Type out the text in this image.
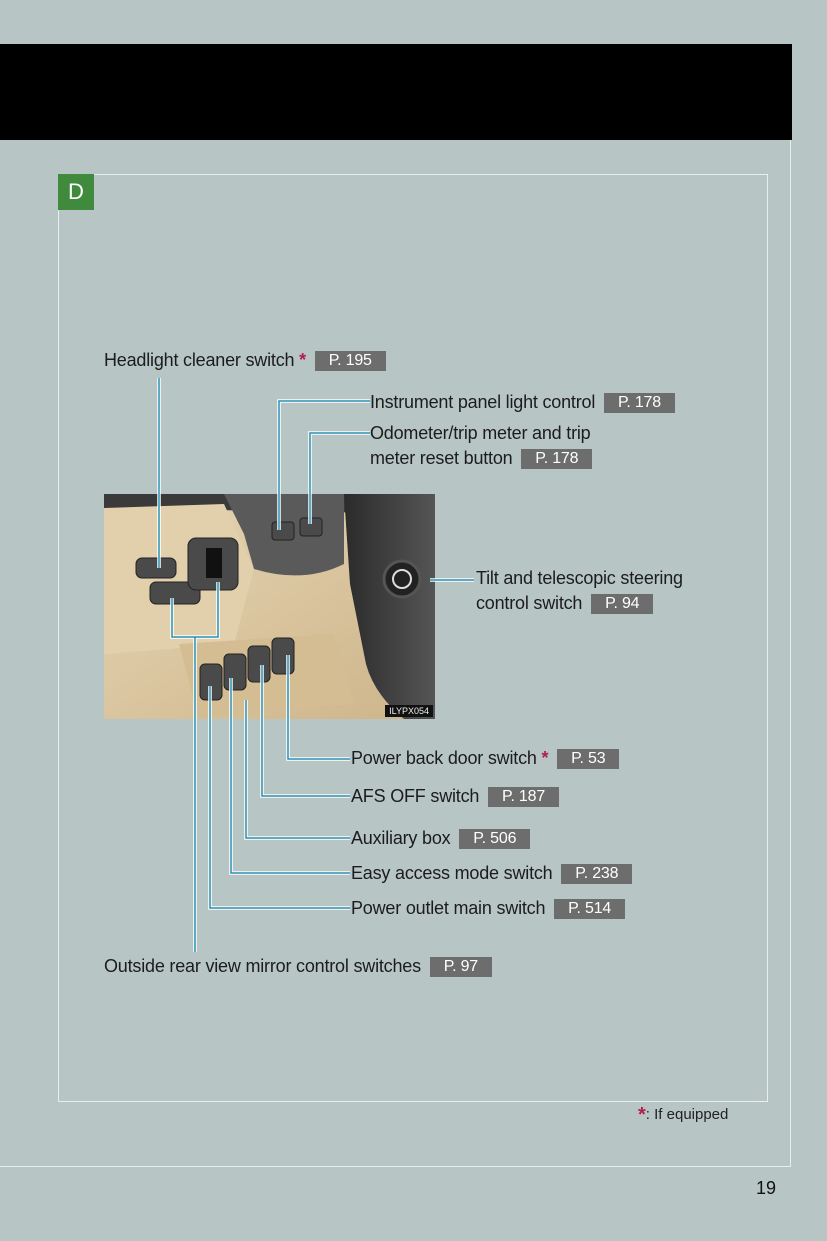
D
ILYPX054
Headlight cleaner switch * P. 195
Instrument panel light control P. 178
Odometer/trip meter and trip
meter reset button P. 178
Tilt and telescopic steering
control switch P. 94
Power back door switch * P. 53
AFS OFF switch P. 187
Auxiliary box P. 506
Easy access mode switch P. 238
Power outlet main switch P. 514
Outside rear view mirror control switches P. 97
*: If equipped
19
